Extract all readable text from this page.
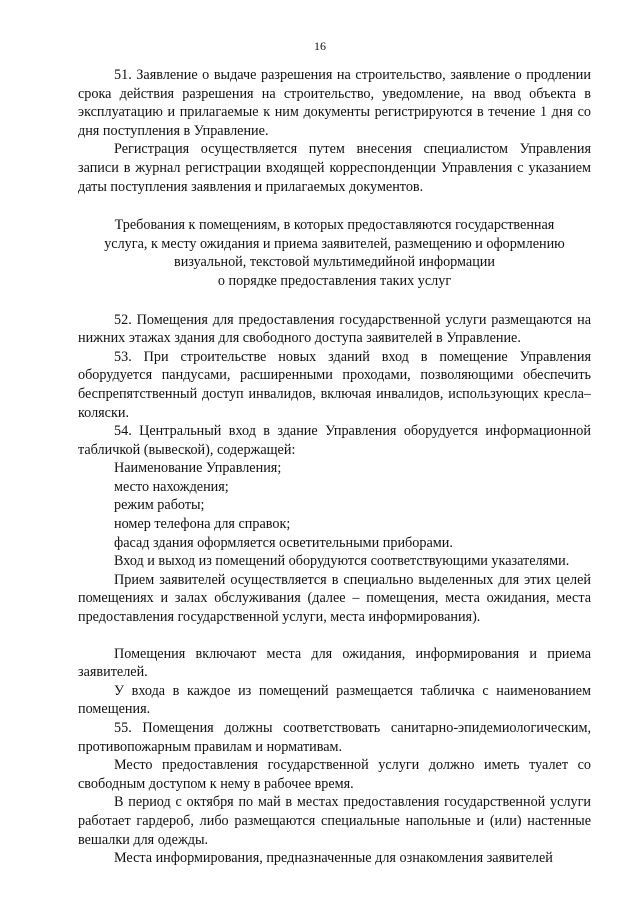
16

51. Заявление о выдаче разрешения на строительство, заявление о продлении срока действия разрешения на строительство, уведомление, на ввод объекта в эксплуатацию и прилагаемые к ним документы регистрируются в течение 1 дня со дня поступления в Управление.

Регистрация осуществляется путем внесения специалистом Управления записи в журнал регистрации входящей корреспонденции Управления с указанием даты поступления заявления и прилагаемых документов.

Требования к помещениям, в которых предоставляются государственная
услуга, к месту ожидания и приема заявителей, размещению и оформлению
визуальной, текстовой мультимедийной информации
о порядке предоставления таких услуг

52. Помещения для предоставления государственной услуги размещаются на нижних этажах здания для свободного доступа заявителей в Управление.

53. При строительстве новых зданий вход в помещение Управления оборудуется пандусами, расширенными проходами, позволяющими обеспечить беспрепятственный доступ инвалидов, включая инвалидов, использующих кресла–коляски.

54. Центральный вход в здание Управления оборудуется информационной табличкой (вывеской), содержащей:

Наименование Управления;

место нахождения;

режим работы;

номер телефона для справок;

фасад здания оформляется осветительными приборами.

Вход и выход из помещений оборудуются соответствующими указателями.

Прием заявителей осуществляется в специально выделенных для этих целей помещениях и залах обслуживания (далее – помещения, места ожидания, места предоставления государственной услуги, места информирования).

Помещения включают места для ожидания, информирования и приема заявителей.

У входа в каждое из помещений размещается табличка с наименованием помещения.

55. Помещения должны соответствовать санитарно-эпидемиологическим, противопожарным правилам и нормативам.

Место предоставления государственной услуги должно иметь туалет со свободным доступом к нему в рабочее время.

В период с октября по май в местах предоставления государственной услуги работает гардероб, либо размещаются специальные напольные и (или) настенные вешалки для одежды.

Места информирования, предназначенные для ознакомления заявителей
